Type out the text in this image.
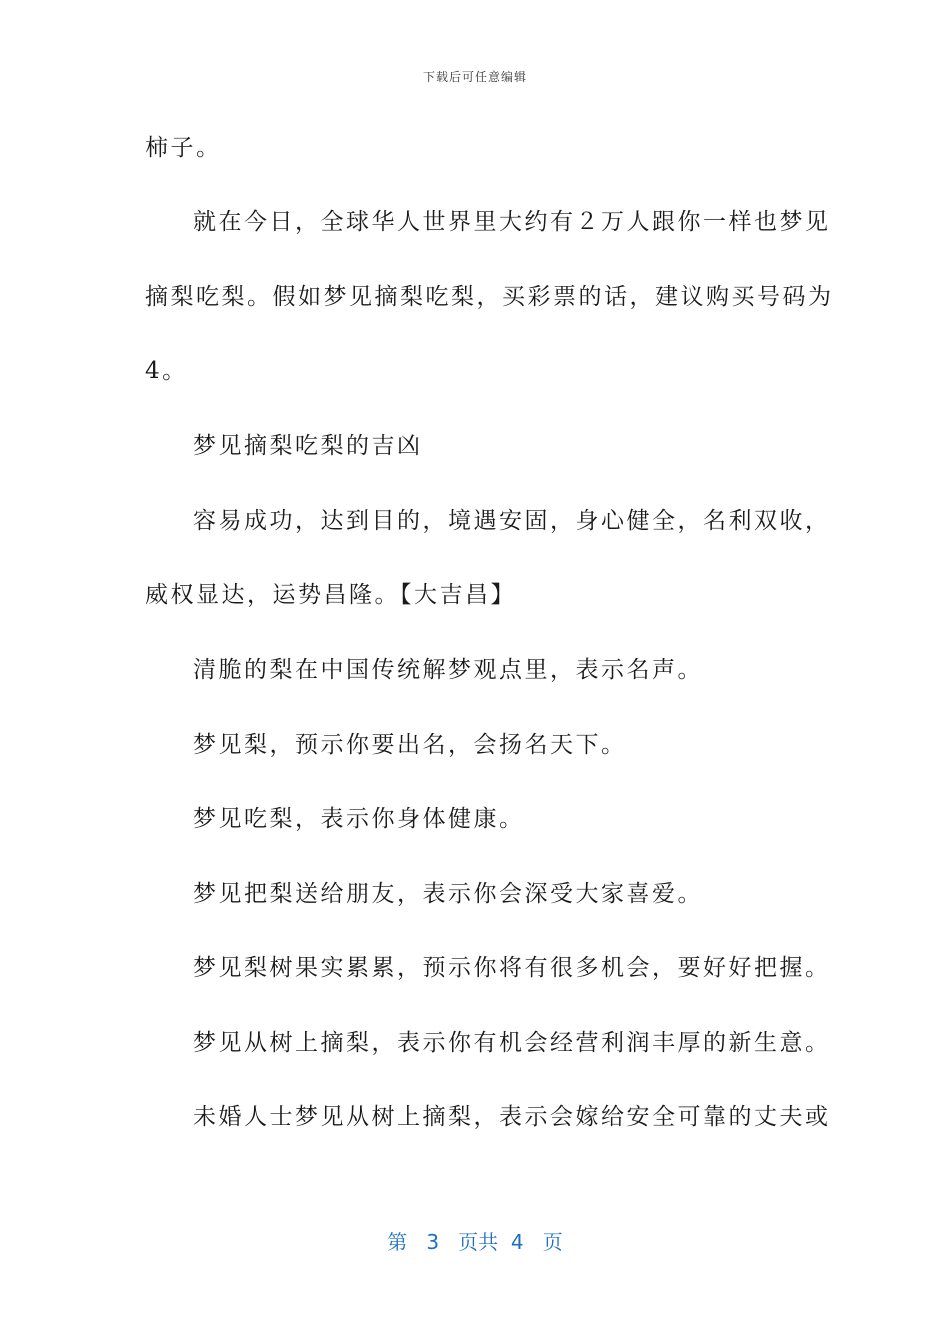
下载后可任意编辑
柿子。
就在今日，全球华人世界里大约有２万人跟你一样也梦见
摘梨吃梨。假如梦见摘梨吃梨，买彩票的话，建议购买号码为
4。
梦见摘梨吃梨的吉凶
容易成功，达到目的，境遇安固，身心健全，名利双收，
威权显达，运势昌隆。【大吉昌】
清脆的梨在中国传统解梦观点里，表示名声。
梦见梨，预示你要出名，会扬名天下。
梦见吃梨，表示你身体健康。
梦见把梨送给朋友，表示你会深受大家喜爱。
梦见梨树果实累累，预示你将有很多机会，要好好把握。
梦见从树上摘梨，表示你有机会经营利润丰厚的新生意。
未婚人士梦见从树上摘梨，表示会嫁给安全可靠的丈夫或
第 3 页共 4 页
